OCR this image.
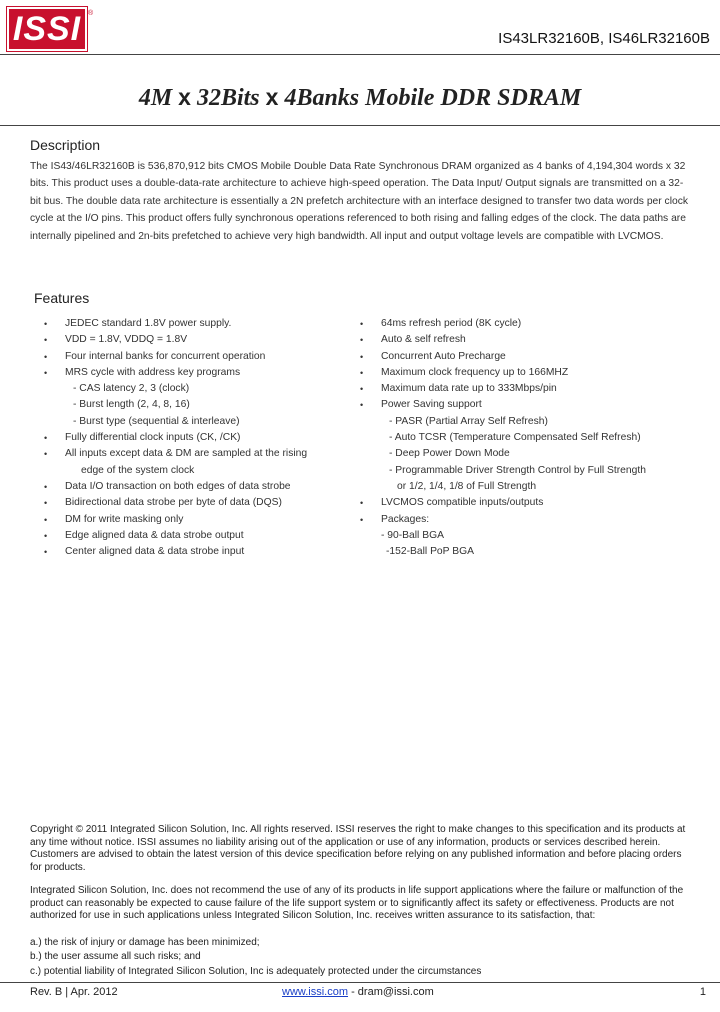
ISSI ®
IS43LR32160B, IS46LR32160B
4M x 32Bits x 4Banks Mobile DDR SDRAM
Description

The IS43/46LR32160B is 536,870,912 bits CMOS Mobile Double Data Rate Synchronous DRAM organized as 4 banks of 4,194,304 words x 32 bits. This product uses a double-data-rate architecture to achieve high-speed operation. The Data Input/ Output signals are transmitted on a 32-bit bus. The double data rate architecture is essentially a 2N prefetch architecture with an interface designed to transfer two data words per clock cycle at the I/O pins. This product offers fully synchronous operations referenced to both rising and falling edges of the clock. The data paths are internally pipelined and 2n-bits prefetched to achieve very high bandwidth. All input and output voltage levels are compatible with LVCMOS.

Features
• JEDEC standard 1.8V power supply.
• VDD = 1.8V, VDDQ = 1.8V
• Four internal banks for concurrent operation
• MRS cycle with address key programs
- CAS latency 2, 3 (clock)
- Burst length (2, 4, 8, 16)
- Burst type (sequential & interleave)
• Fully differential clock inputs (CK, /CK)
• All inputs except data & DM are sampled at the rising
edge of the system clock
• Data I/O transaction on both edges of data strobe
• Bidirectional data strobe per byte of data (DQS)
• DM for write masking only
• Edge aligned data & data strobe output
• Center aligned data & data strobe input
• 64ms refresh period (8K cycle)
• Auto & self refresh
• Concurrent Auto Precharge
• Maximum clock frequency up to 166MHZ
• Maximum data rate up to 333Mbps/pin
• Power Saving support
- PASR (Partial Array Self Refresh)
- Auto TCSR (Temperature Compensated Self Refresh)
- Deep Power Down Mode
- Programmable Driver Strength Control by Full Strength
or 1/2, 1/4, 1/8 of Full Strength
• LVCMOS compatible inputs/outputs
• Packages:
- 90-Ball BGA
-152-Ball PoP BGA

Copyright © 2011 Integrated Silicon Solution, Inc. All rights reserved. ISSI reserves the right to make changes to this specification and its products at any time without notice. ISSI assumes no liability arising out of the application or use of any information, products or services described herein. Customers are advised to obtain the latest version of this device specification before relying on any published information and before placing orders for products.

Integrated Silicon Solution, Inc. does not recommend the use of any of its products in life support applications where the failure or malfunction of the product can reasonably be expected to cause failure of the life support system or to significantly affect its safety or effectiveness. Products are not authorized for use in such applications unless Integrated Silicon Solution, Inc. receives written assurance to its satisfaction, that:

a.) the risk of injury or damage has been minimized;

b.) the user assume all such risks; and

c.) potential liability of Integrated Silicon Solution, Inc is adequately protected under the circumstances

Rev. B | Apr. 2012	www.issi.com - dram@issi.com	1
